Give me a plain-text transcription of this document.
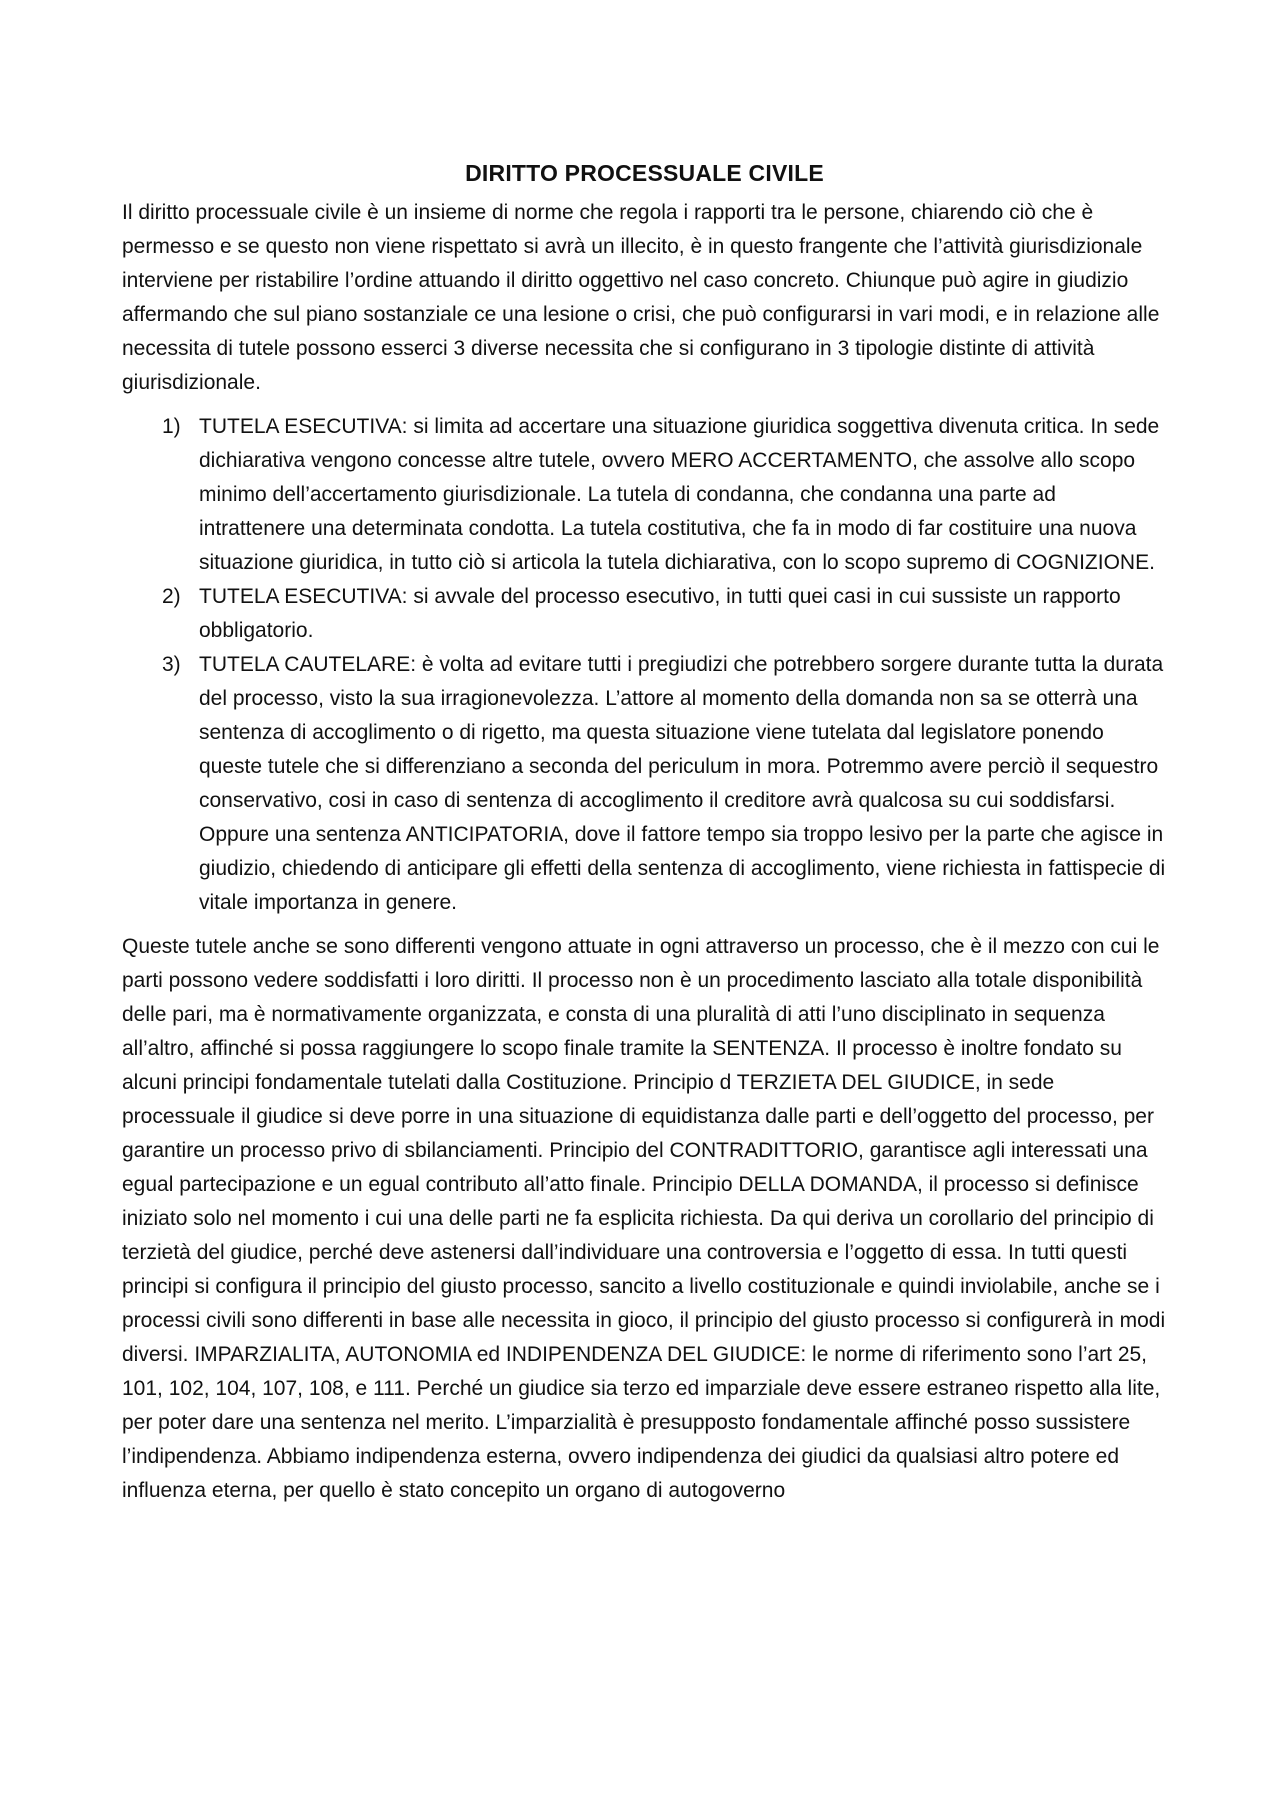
DIRITTO PROCESSUALE CIVILE

Il diritto processuale civile è un insieme di norme che regola i rapporti tra le persone, chiarendo ciò che è permesso e se questo non viene rispettato si avrà un illecito, è in questo frangente che l’attività giurisdizionale interviene per ristabilire l’ordine attuando il diritto oggettivo nel caso concreto. Chiunque può agire in giudizio affermando che sul piano sostanziale ce una lesione o crisi, che può configurarsi in vari modi, e in relazione alle necessita di tutele possono esserci 3 diverse necessita che si configurano in 3 tipologie distinte di attività giurisdizionale.

1) TUTELA ESECUTIVA: si limita ad accertare una situazione giuridica soggettiva divenuta critica. In sede dichiarativa vengono concesse altre tutele, ovvero MERO ACCERTAMENTO, che assolve allo scopo minimo dell’accertamento giurisdizionale. La tutela di condanna, che condanna una parte ad intrattenere una determinata condotta. La tutela costitutiva, che fa in modo di far costituire una nuova situazione giuridica, in tutto ciò si articola la tutela dichiarativa, con lo scopo supremo di COGNIZIONE.
2) TUTELA ESECUTIVA: si avvale del processo esecutivo, in tutti quei casi in cui sussiste un rapporto obbligatorio.
3) TUTELA CAUTELARE: è volta ad evitare tutti i pregiudizi che potrebbero sorgere durante tutta la durata del processo, visto la sua irragionevolezza. L’attore al momento della domanda non sa se otterrà una sentenza di accoglimento o di rigetto, ma questa situazione viene tutelata dal legislatore ponendo queste tutele che si differenziano a seconda del periculum in mora. Potremmo avere perciò il sequestro conservativo, cosi in caso di sentenza di accoglimento il creditore avrà qualcosa su cui soddisfarsi. Oppure una sentenza ANTICIPATORIA, dove il fattore tempo sia troppo lesivo per la parte che agisce in giudizio, chiedendo di anticipare gli effetti della sentenza di accoglimento, viene richiesta in fattispecie di vitale importanza in genere.

Queste tutele anche se sono differenti vengono attuate in ogni attraverso un processo, che è il mezzo con cui le parti possono vedere soddisfatti i loro diritti. Il processo non è un procedimento lasciato alla totale disponibilità delle pari, ma è normativamente organizzata, e consta di una pluralità di atti l’uno disciplinato in sequenza all’altro, affinché si possa raggiungere lo scopo finale tramite la SENTENZA. Il processo è inoltre fondato su alcuni principi fondamentale tutelati dalla Costituzione. Principio d TERZIETA DEL GIUDICE, in sede processuale il giudice si deve porre in una situazione di equidistanza dalle parti e dell’oggetto del processo, per garantire un processo privo di sbilanciamenti. Principio del CONTRADITTORIO, garantisce agli interessati una egual partecipazione e un egual contributo all’atto finale. Principio DELLA DOMANDA, il processo si definisce iniziato solo nel momento i cui una delle parti ne fa esplicita richiesta. Da qui deriva un corollario del principio di terzietà del giudice, perché deve astenersi dall’individuare una controversia e l’oggetto di essa. In tutti questi principi si configura il principio del giusto processo, sancito a livello costituzionale e quindi inviolabile, anche se i processi civili sono differenti in base alle necessita in gioco, il principio del giusto processo si configurerà in modi diversi. IMPARZIALITA, AUTONOMIA ed INDIPENDENZA DEL GIUDICE: le norme di riferimento sono l’art 25, 101, 102, 104, 107, 108, e 111. Perché un giudice sia terzo ed imparziale deve essere estraneo rispetto alla lite, per poter dare una sentenza nel merito. L’imparzialità è presupposto fondamentale affinché posso sussistere l’indipendenza. Abbiamo indipendenza esterna, ovvero indipendenza dei giudici da qualsiasi altro potere ed influenza eterna, per quello è stato concepito un organo di autogoverno
